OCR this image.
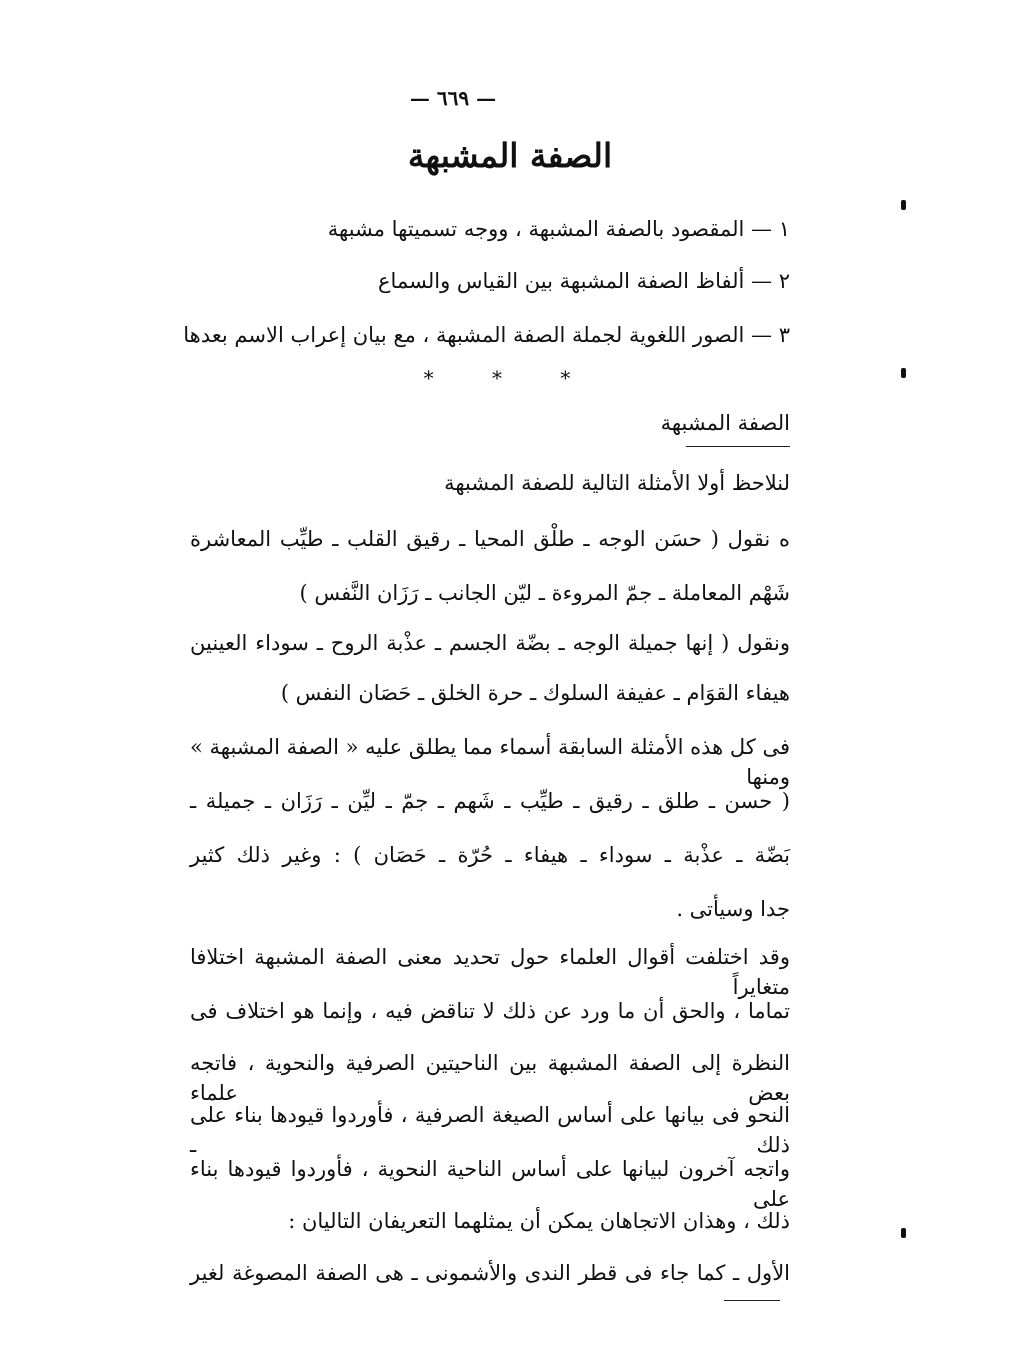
— ٦٦٩ —
الصفة المشبهة
١ — المقصود بالصفة المشبهة ، ووجه تسميتها مشبهة
٢ — ألفاظ الصفة المشبهة بين القياس والسماع
٣ — الصور اللغوية لجملة الصفة المشبهة ، مع بيان إعراب الاسم بعدها
* * *
الصفة المشبهة
لنلاحظ أولا الأمثلة التالية للصفة المشبهة
ه نقول ( حسَن الوجه ـ طلْق المحيا ـ رقيق القلب ـ طيِّب المعاشرة
شَهْم المعاملة ـ جمّ المروءة ـ ليّن الجانب ـ رَزَان النَّفس )
ونقول ( إنها جميلة الوجه ـ بضّة الجسم ـ عذْبة الروح ـ سوداء العينين
هيفاء القوَام ـ عفيفة السلوك ـ حرة الخلق ـ حَصَان النفس )
فى كل هذه الأمثلة السابقة أسماء مما يطلق عليه « الصفة المشبهة » ومنها
( حسن ـ طلق ـ رقيق ـ طيِّب ـ شَهم ـ جمّ ـ ليِّن ـ رَزَان ـ جميلة ـ
بَضّة ـ عذْبة ـ سوداء ـ هيفاء ـ حُرّة ـ حَصَان ) : وغير ذلك كثير
جدا وسيأتى .
وقد اختلفت أقوال العلماء حول تحديد معنى الصفة المشبهة اختلافا متغايراً
تماما ، والحق أن ما ورد عن ذلك لا تناقض فيه ، وإنما هو اختلاف فى
النظرة إلى الصفة المشبهة بين الناحيتين الصرفية والنحوية ، فاتجه بعض علماء
النحو فى بيانها على أساس الصيغة الصرفية ، فأوردوا قيودها بناء على ذلك ـ
واتجه آخرون لبيانها على أساس الناحية النحوية ، فأوردوا قيودها بناء على
ذلك ، وهذان الاتجاهان يمكن أن يمثلهما التعريفان التاليان :
الأول ـ كما جاء فى قطر الندى والأشمونى ـ هى الصفة المصوغة لغير
